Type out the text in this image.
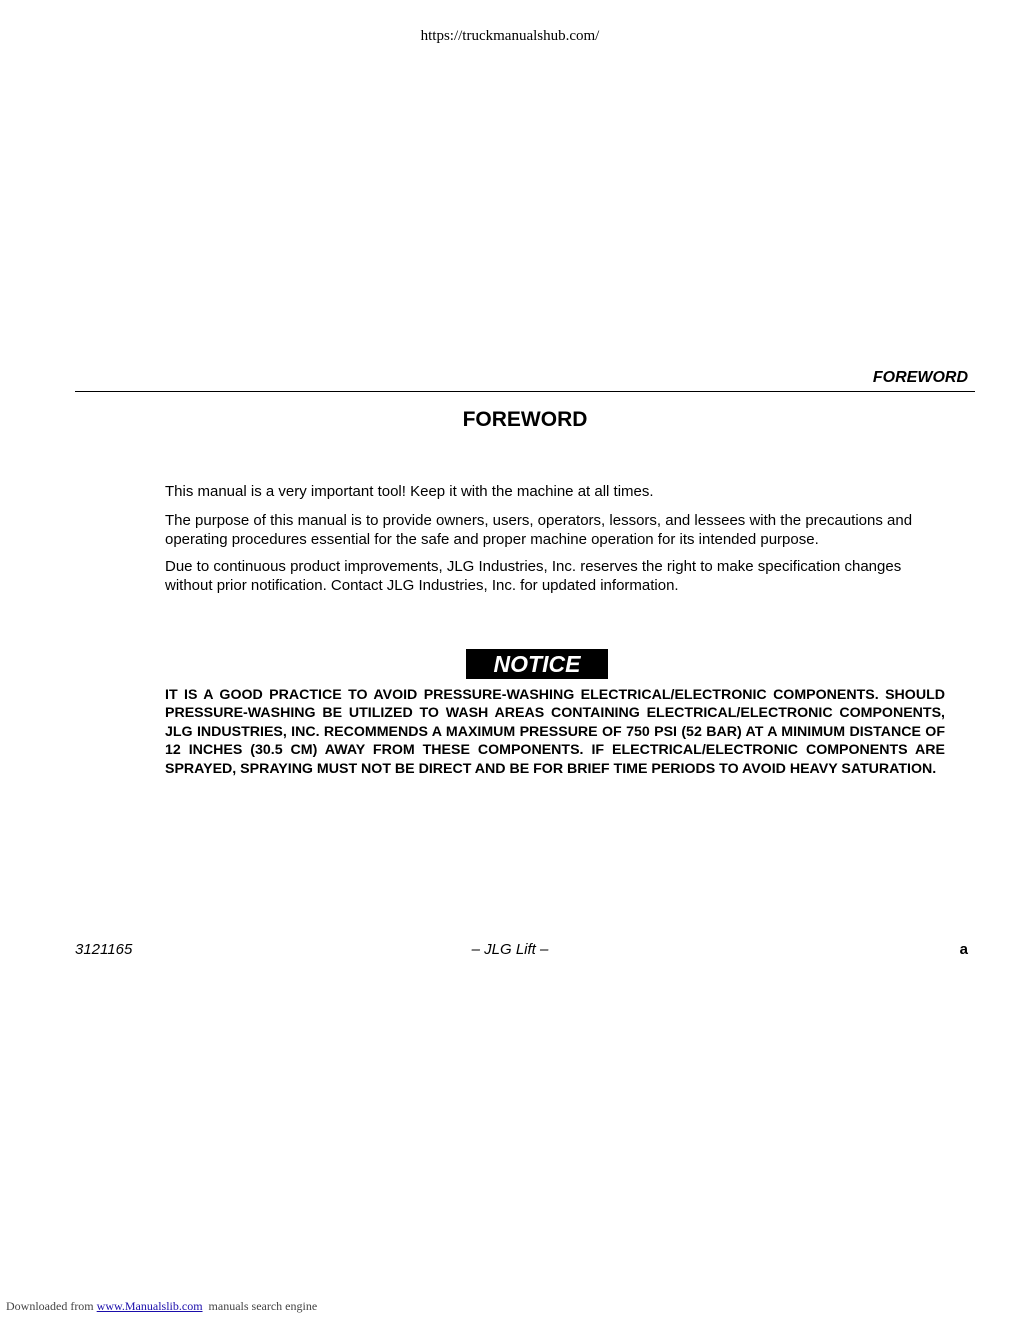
https://truckmanualshub.com/
FOREWORD
FOREWORD
This manual is a very important tool! Keep it with the machine at all times.
The purpose of this manual is to provide owners, users, operators, lessors, and lessees with the precautions and operating procedures essential for the safe and proper machine operation for its intended purpose.
Due to continuous product improvements, JLG Industries, Inc. reserves the right to make specification changes without prior notification. Contact JLG Industries, Inc. for updated information.
NOTICE
IT IS A GOOD PRACTICE TO AVOID PRESSURE-WASHING ELECTRICAL/ELECTRONIC COMPONENTS. SHOULD PRESSURE-WASHING BE UTILIZED TO WASH AREAS CONTAINING ELECTRICAL/ELECTRONIC COMPONENTS, JLG INDUSTRIES, INC. RECOMMENDS A MAXIMUM PRESSURE OF 750 PSI (52 BAR) AT A MINIMUM DISTANCE OF 12 INCHES (30.5 CM) AWAY FROM THESE COMPONENTS. IF ELECTRICAL/ELECTRONIC COMPONENTS ARE SPRAYED, SPRAYING MUST NOT BE DIRECT AND BE FOR BRIEF TIME PERIODS TO AVOID HEAVY SATURATION.
3121165	– JLG Lift –	a
Downloaded from www.Manualslib.com manuals search engine
